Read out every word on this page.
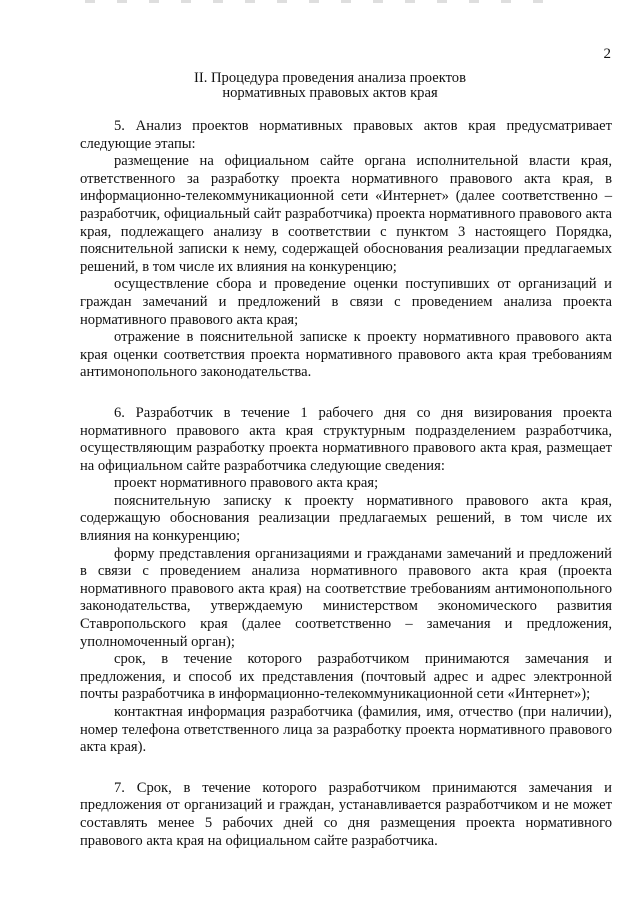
2
II. Процедура проведения анализа проектов
нормативных правовых актов края

5. Анализ проектов нормативных правовых актов края предусматривает следующие этапы:

размещение на официальном сайте органа исполнительной власти края, ответственного за разработку проекта нормативного правового акта края, в информационно-телекоммуникационной сети «Интернет» (далее соответственно – разработчик, официальный сайт разработчика) проекта нормативного правового акта края, подлежащего анализу в соответствии с пунктом 3 настоящего Порядка, пояснительной записки к нему, содержащей обоснования реализации предлагаемых решений, в том числе их влияния на конкуренцию;

осуществление сбора и проведение оценки поступивших от организаций и граждан замечаний и предложений в связи с проведением анализа проекта нормативного правового акта края;

отражение в пояснительной записке к проекту нормативного правового акта края оценки соответствия проекта нормативного правового акта края требованиям антимонопольного законодательства.

6. Разработчик в течение 1 рабочего дня со дня визирования проекта нормативного правового акта края структурным подразделением разработчика, осуществляющим разработку проекта нормативного правового акта края, размещает на официальном сайте разработчика следующие сведения:

проект нормативного правового акта края;

пояснительную записку к проекту нормативного правового акта края, содержащую обоснования реализации предлагаемых решений, в том числе их влияния на конкуренцию;

форму представления организациями и гражданами замечаний и предложений в связи с проведением анализа нормативного правового акта края (проекта нормативного правового акта края) на соответствие требованиям антимонопольного законодательства, утверждаемую министерством экономического развития Ставропольского края (далее соответственно – замечания и предложения, уполномоченный орган);

срок, в течение которого разработчиком принимаются замечания и предложения, и способ их представления (почтовый адрес и адрес электронной почты разработчика в информационно-телекоммуникационной сети «Интернет»);

контактная информация разработчика (фамилия, имя, отчество (при наличии), номер телефона ответственного лица за разработку проекта нормативного правового акта края).

7. Срок, в течение которого разработчиком принимаются замечания и предложения от организаций и граждан, устанавливается разработчиком и не может составлять менее 5 рабочих дней со дня размещения проекта нормативного правового акта края на официальном сайте разработчика.
